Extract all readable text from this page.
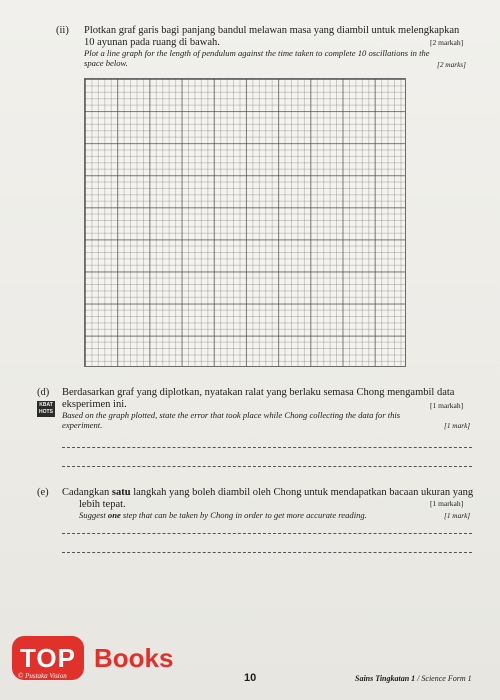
(ii) Plotkan graf garis bagi panjang bandul melawan masa yang diambil untuk melengkapkan
10 ayunan pada ruang di bawah.	[2 markah]
Plot a line graph for the length of pendulum against the time taken to complete 10 oscillations in the
space below.	[2 marks]
(d)
KBAT
HOTS
Berdasarkan graf yang diplotkan, nyatakan ralat yang berlaku semasa Chong mengambil data
eksperimen ini.	[1 markah]
Based on the graph plotted, state the error that took place while Chong collecting the data for this
experiment.	[1 mark]
(e) Cadangkan satu langkah yang boleh diambil oleh Chong untuk mendapatkan bacaan ukuran yang
lebih tepat.	[1 markah]
Suggest one step that can be taken by Chong in order to get more accurate reading.	[1 mark]
TOP Books
© Pustaka Vision	10	Sains Tingkatan 1 / Science Form 1
